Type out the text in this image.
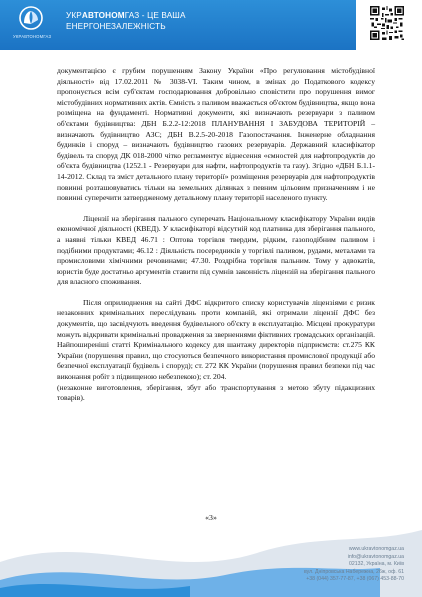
УКРАВТОНОМГАЗ
УКРАВТОНОМГАЗ - ЦЕ ВАША
ЕНЕРГОНЕЗАЛЕЖНІСТЬ

документацією є грубим порушенням Закону України «Про регулювання містобудівної діяльності» від 17.02.2011 № 3038-VI. Таким чином, в змінах до Податкового кодексу пропонується всім суб'єктам господарювання добровільно сповістити про порушення вимог містобудівних нормативних актів. Ємність з паливом вважається об'єктом будівництва, якщо вона розміщена на фундаменті. Нормативні документи, які визначають резервуари з паливом об'єктами будівництва: ДБН Б.2.2-12:2018 ПЛАНУВАННЯ І ЗАБУДОВА ТЕРИТОРІЙ – визначають будівництво АЗС; ДБН В.2.5-20-2018 Газопостачання. Інженерне обладнання будинків і споруд – визначають будівництво газових резервуарів. Державний класифікатор будівель та споруд ДК 018-2000 чітко регламентує віднесення «ємностей для нафтопродуктів до об'єкта будівництва (1252.1 - Резервуари для нафти, нафтопродуктів та газу). Згідно «ДБН Б.1.1-14-2012. Склад та зміст детального плану території» розміщення резервуарів для нафтопродуктів повинні розташовуватись тільки на земельних ділянках з певним цільовим призначенням і не повинні суперечити затвердженому детальному плану території населеного пункту.

Ліцензії на зберігання пального суперечать Національному класифікатору України видів економічної діяльності (КВЕД). У класифікаторі відсутній код платника для зберігання пального, а наявні тільки КВЕД 46.71 : Оптова торгівля твердим, рідким, газоподібним паливом і подібними продуктами; 46.12 : Діяльність посередників у торгівлі паливом, рудами, металами та промисловими хімічними речовинами; 47.30. Роздрібна торгівля пальним. Тому у адвокатів, юристів буде достатньо аргументів ставити під сумнів законність ліцензій на зберігання пального для власного споживання.

Після оприлюднення на сайті ДФС відкритого списку користувачів ліцензіями є ризик незаконних кримінальних переслідувань проти компаній, які отримали ліцензії ДФС без документів, що засвідчують введення будівельного об'єкту в експлуатацію. Місцеві прокуратури можуть відкривати кримінальні провадження за зверненнями фіктивних громадських організацій. Найпоширеніші статті Кримінального кодексу для шантажу директорів підприємств: ст.275 КК України (порушення правил, що стосуються безпечного використання промислової продукції або безпечної експлуатації будівель і споруд); ст. 272 КК України (порушення правил безпеки під час виконання робіт з підвищеною небезпекою); ст. 204.

(незаконне виготовлення, зберігання, збут або транспортування з метою збуту підакцизних товарів).

«3»
www.ukravtonomgaz.ua
info@ukravtonomgaz.ua
02132, Україна, м. Київ
вул. Дніпровська Набережна, 26ж, оф. 61
+38 (044) 357-77-87, +38 (067) 453-88-70
